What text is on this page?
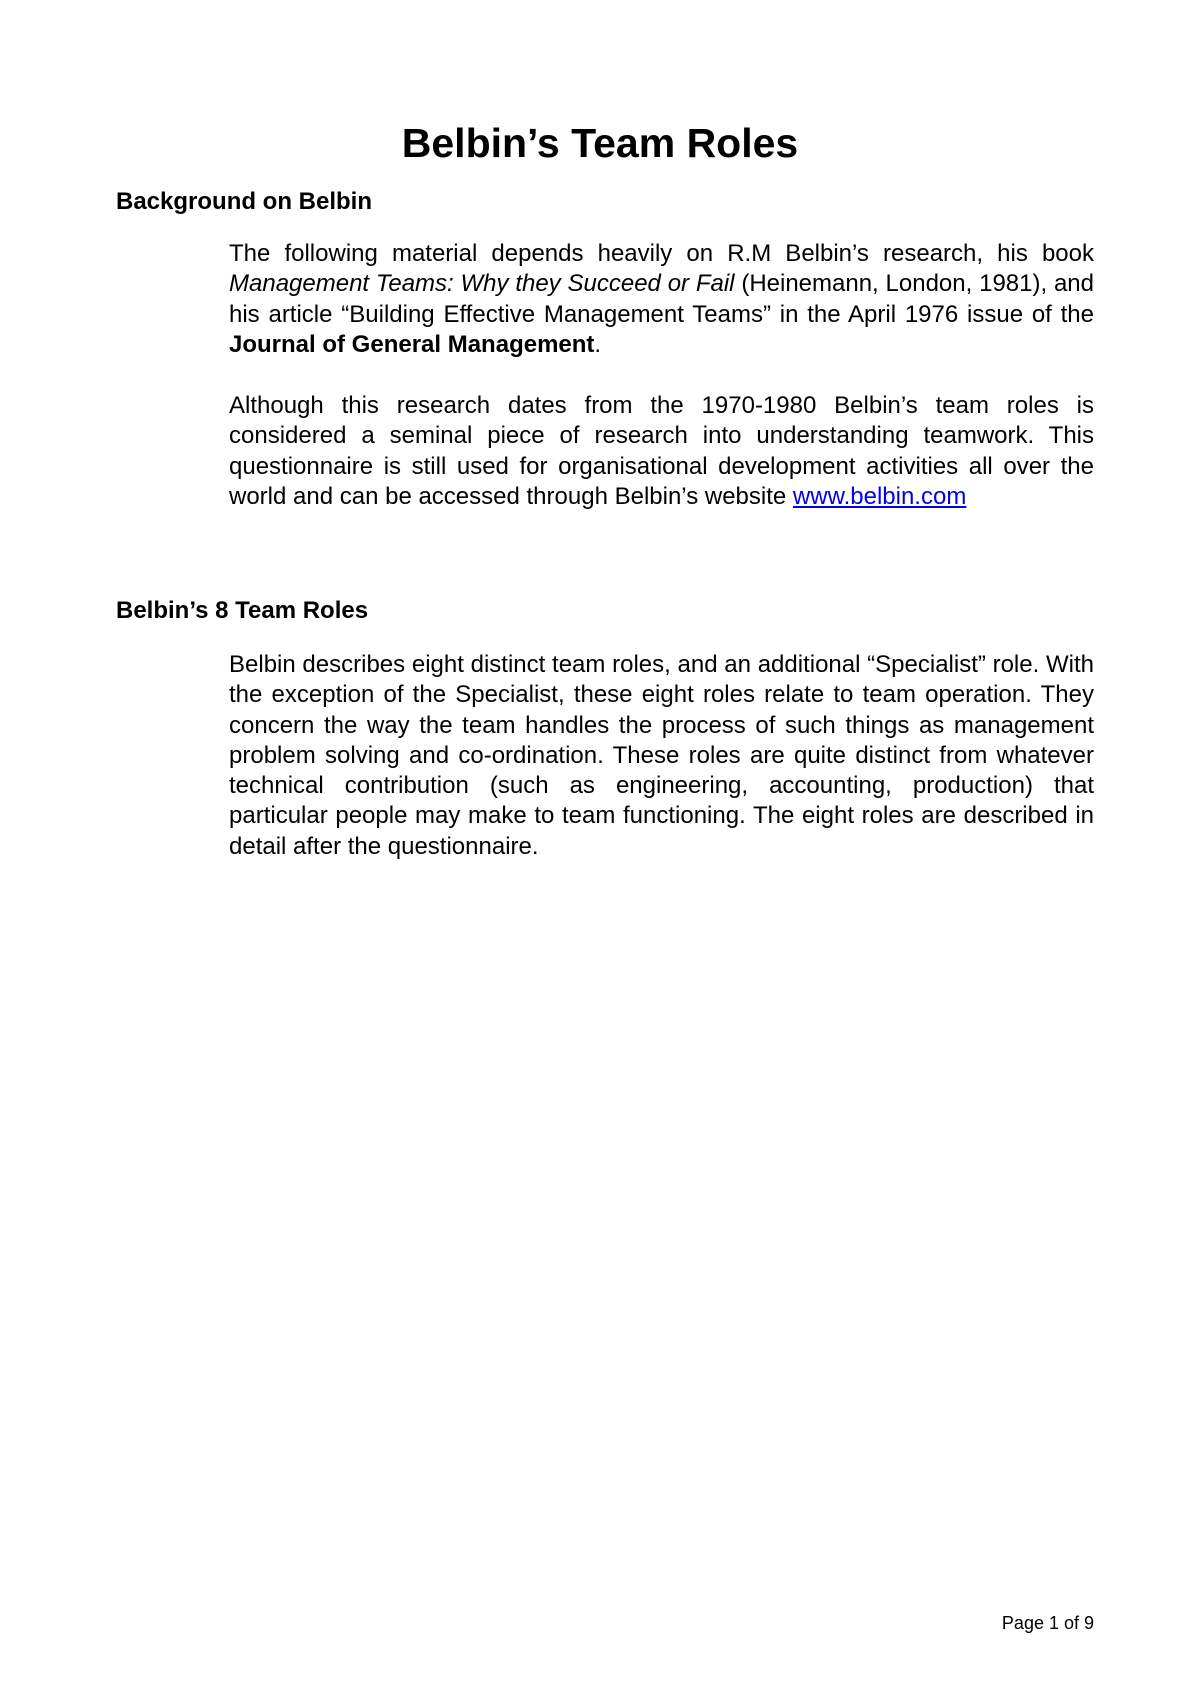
Belbin’s Team Roles
Background on Belbin

The following material depends heavily on R.M Belbin’s research, his book Management Teams: Why they Succeed or Fail (Heinemann, London, 1981), and his article “Building Effective Management Teams” in the April 1976 issue of the Journal of General Management.

Although this research dates from the 1970-1980 Belbin’s team roles is considered a seminal piece of research into understanding teamwork. This questionnaire is still used for organisational development activities all over the world and can be accessed through Belbin’s website www.belbin.com

Belbin’s 8 Team Roles

Belbin describes eight distinct team roles, and an additional “Specialist” role. With the exception of the Specialist, these eight roles relate to team operation. They concern the way the team handles the process of such things as management problem solving and co-ordination. These roles are quite distinct from whatever technical contribution (such as engineering, accounting, production) that particular people may make to team functioning. The eight roles are described in detail after the questionnaire.

Page 1 of 9
